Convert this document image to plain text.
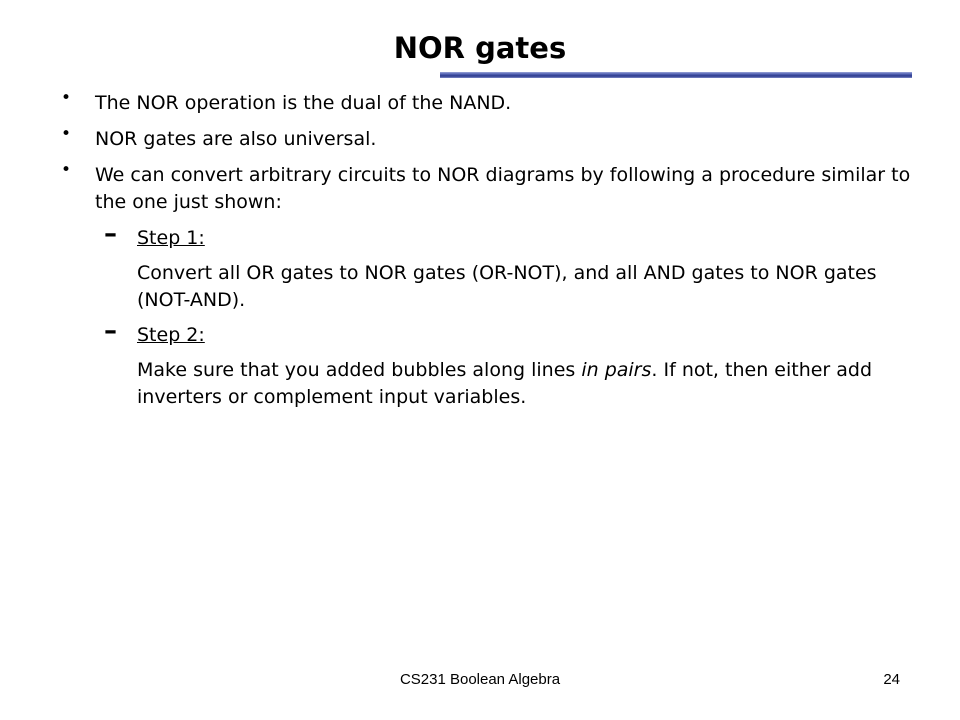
NOR gates
• The NOR operation is the dual of the NAND.
• NOR gates are also universal.
• We can convert arbitrary circuits to NOR diagrams by following a procedure similar to the one just shown:
– Step 1:
Convert all OR gates to NOR gates (OR-NOT), and all AND gates to NOR gates (NOT-AND).
– Step 2:
Make sure that you added bubbles along lines in pairs. If not, then either add inverters or complement input variables.
CS231 Boolean Algebra	24
